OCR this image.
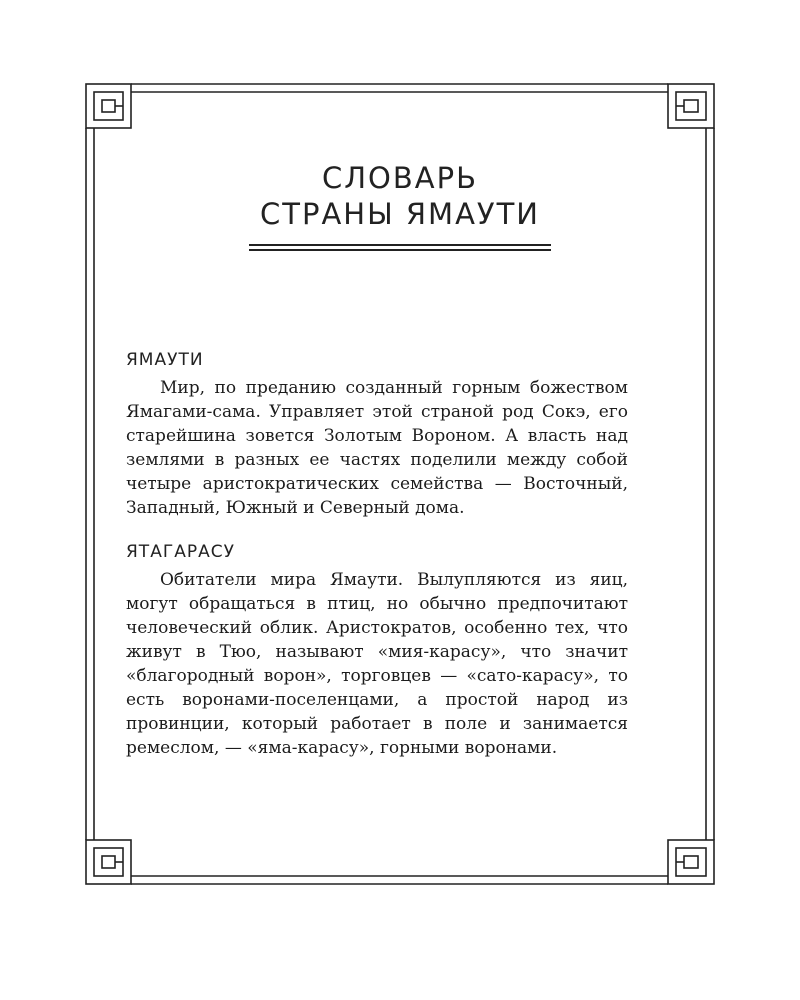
СЛОВАРЬ
СТРАНЫ ЯМАУТИ
ЯМАУТИ

Мир, по преданию созданный горным божеством Ямагами-сама. Управляет этой страной род Сокэ, его старейшина зовется Золотым Вороном. А власть над землями в разных ее частях поделили между собой четыре аристократических семейства — Восточный, Западный, Южный и Северный дома.

ЯТАГАРАСУ

Обитатели мира Ямаути. Вылупляются из яиц, могут обращаться в птиц, но обычно предпочитают человеческий облик. Аристократов, особенно тех, что живут в Тюо, называют «мия-карасу», что значит «благородный ворон», торговцев — «сато-карасу», то есть воронами-поселенцами, а простой народ из провинции, который работает в поле и занимается ремеслом, — «яма-карасу», горными воронами.
